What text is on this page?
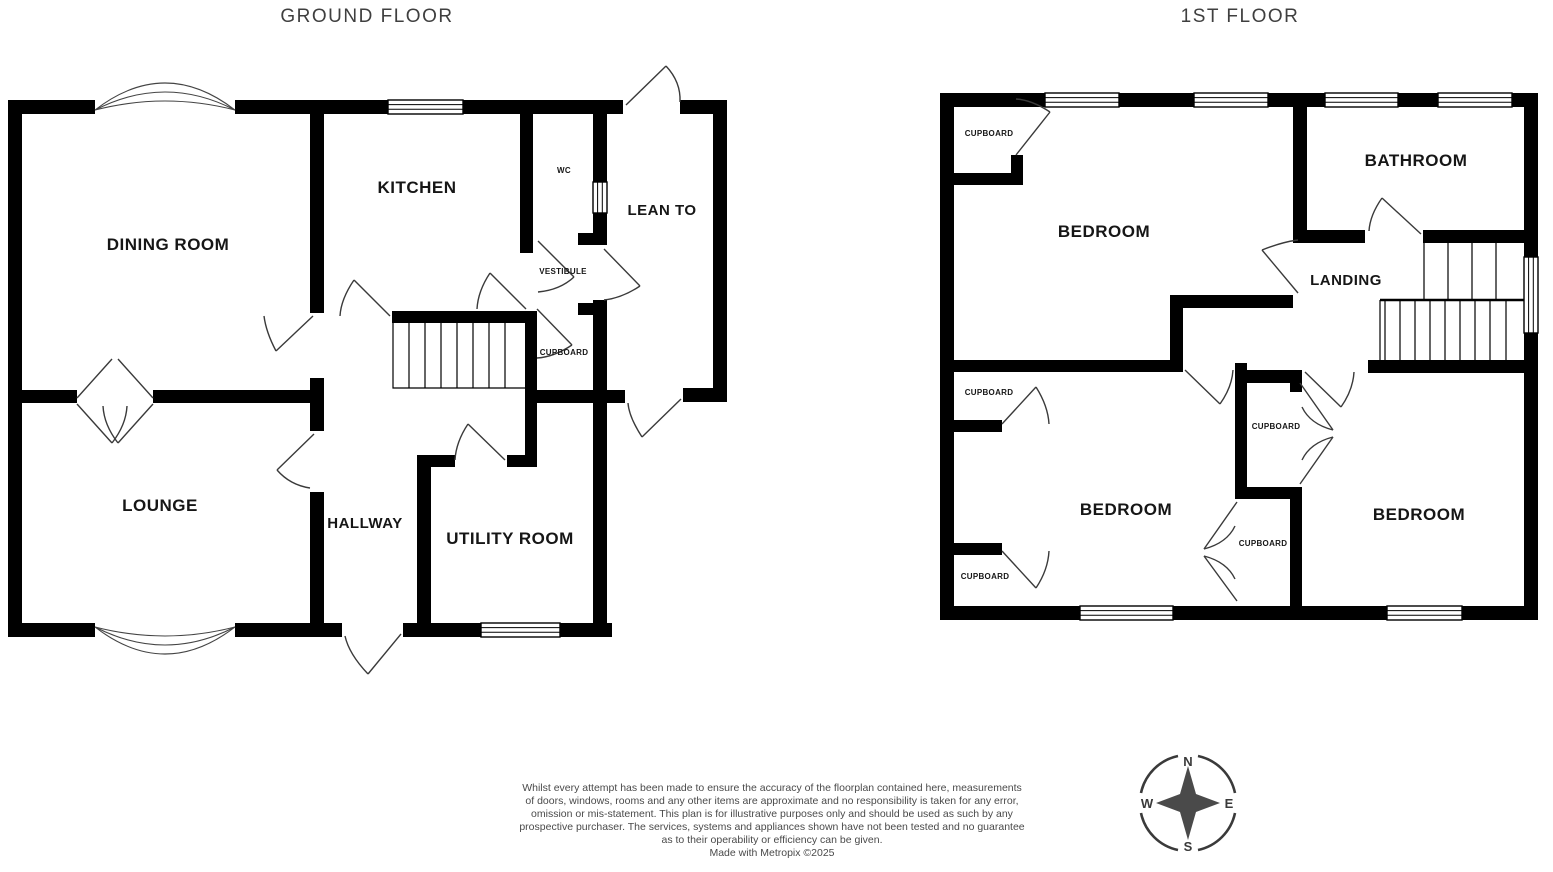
GROUND FLOOR
DINING ROOM
KITCHEN
LOUNGE
HALLWAY
UTILITY ROOM
LEAN TO
WC
VESTIBULE
CUPBOARD
1ST FLOOR
BEDROOM
BATHROOM
LANDING
BEDROOM	BEDROOM
CUPBOARD
CUPBOARD
CUPBOARD
CUPBOARD
CUPBOARD
N
E
S
W
Whilst every attempt has been made to ensure the accuracy of the floorplan contained here, measurements
of doors, windows, rooms and any other items are approximate and no responsibility is taken for any error,
omission or mis-statement. This plan is for illustrative purposes only and should be used as such by any
prospective purchaser. The services, systems and appliances shown have not been tested and no guarantee
as to their operability or efficiency can be given.
Made with Metropix ©2025
